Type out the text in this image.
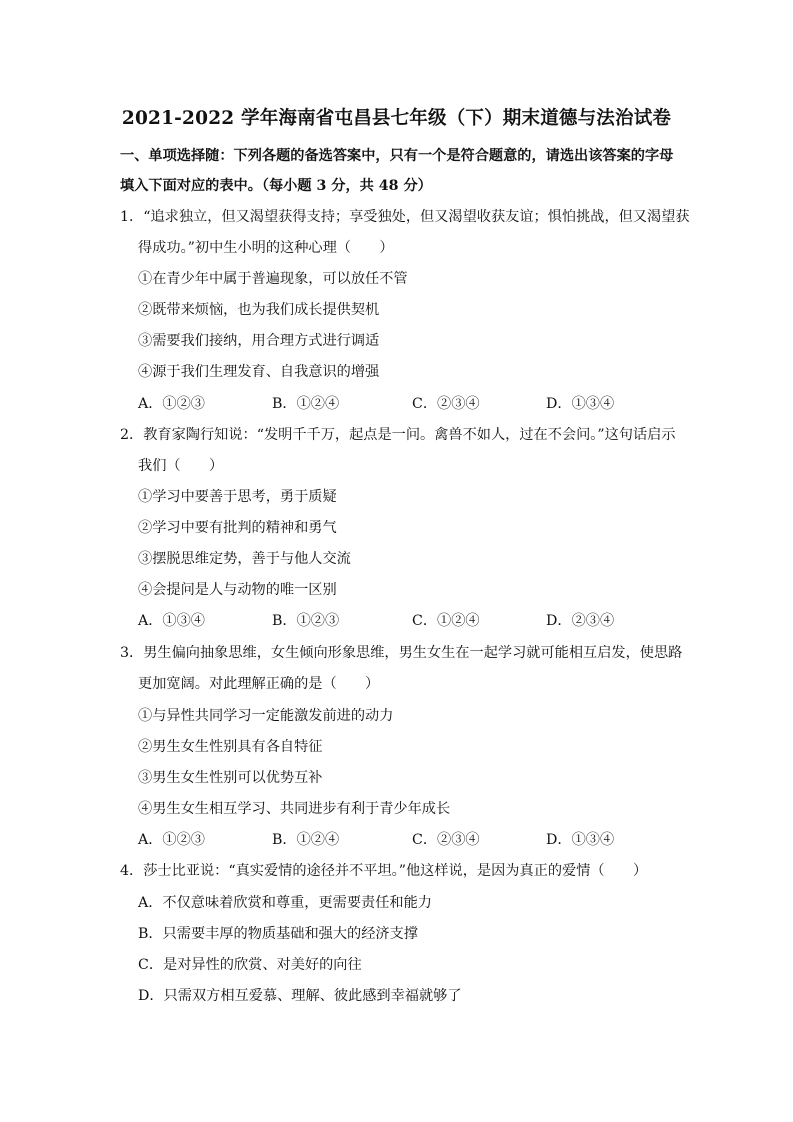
2021-2022 学年海南省屯昌县七年级（下）期末道德与法治试卷
一、单项选择随：下列各题的备选答案中，只有一个是符合题意的，请选出该答案的字母
填入下面对应的表中。（每小题 3 分，共 48 分）
1．“追求独立，但又渴望获得支持；享受独处，但又渴望收获友谊；惧怕挑战，但又渴望获
得成功。”初中生小明的这种心理（　　）
①在青少年中属于普遍现象，可以放任不管
②既带来烦恼，也为我们成长提供契机
③需要我们接纳，用合理方式进行调适
④源于我们生理发育、自我意识的增强
A．①②③	B．①②④	C．②③④	D．①③④
2．教育家陶行知说：“发明千千万，起点是一问。禽兽不如人，过在不会问。”这句话启示
我们（　　）
①学习中要善于思考，勇于质疑
②学习中要有批判的精神和勇气
③摆脱思维定势，善于与他人交流
④会提问是人与动物的唯一区别
A．①③④	B．①②③	C．①②④	D．②③④
3．男生偏向抽象思维，女生倾向形象思维，男生女生在一起学习就可能相互启发，使思路
更加宽阔。对此理解正确的是（　　）
①与异性共同学习一定能激发前进的动力
②男生女生性别具有各自特征
③男生女生性别可以优势互补
④男生女生相互学习、共同进步有利于青少年成长
A．①②③	B．①②④	C．②③④	D．①③④
4．莎士比亚说：“真实爱情的途径并不平坦。”他这样说，是因为真正的爱情（　　）
A．不仅意味着欣赏和尊重，更需要责任和能力
B．只需要丰厚的物质基础和强大的经济支撑
C．是对异性的欣赏、对美好的向往
D．只需双方相互爱慕、理解、彼此感到幸福就够了
